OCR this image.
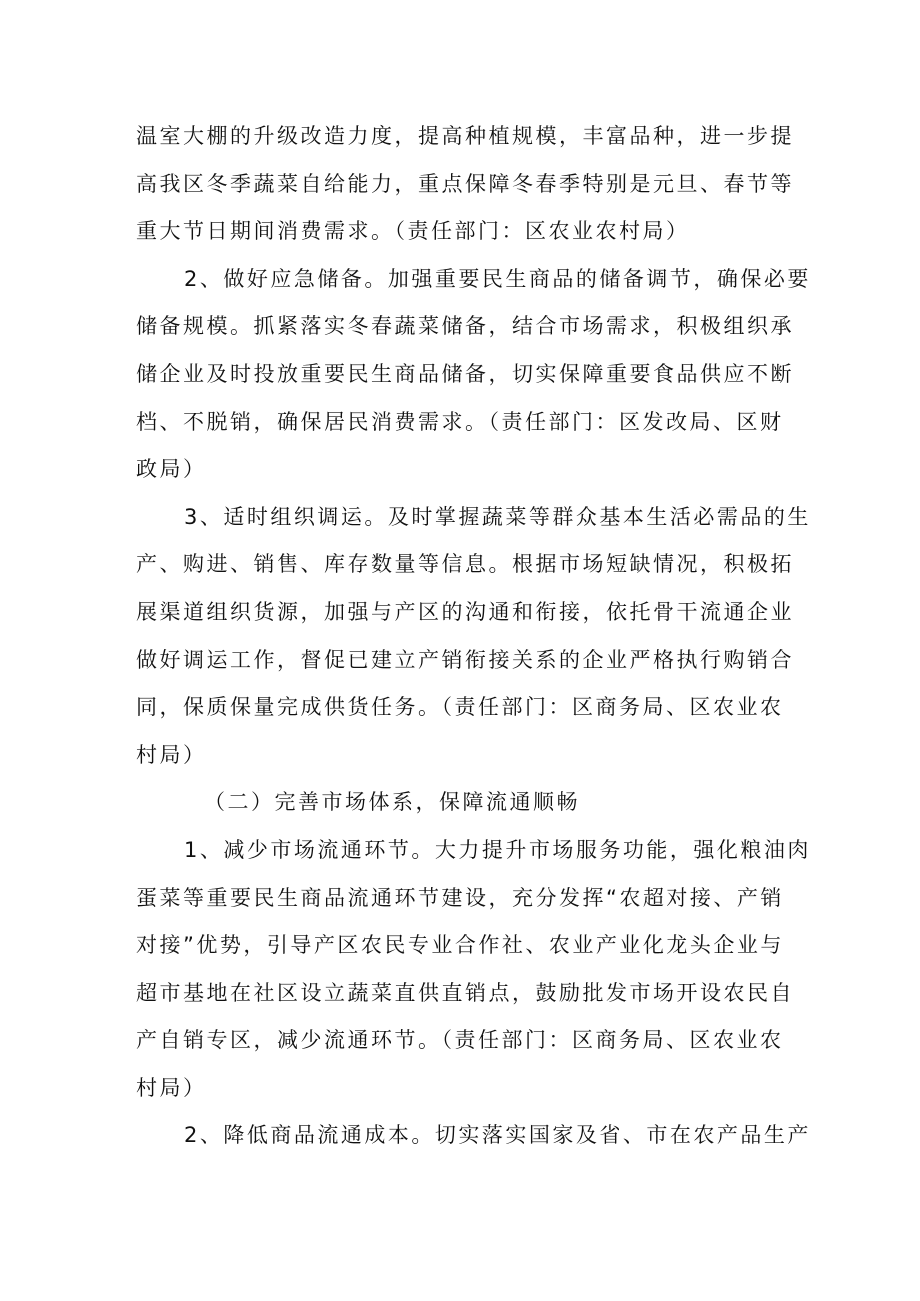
温室大棚的升级改造力度，提高种植规模，丰富品种，进一步提
高我区冬季蔬菜自给能力，重点保障冬春季特别是元旦、春节等
重大节日期间消费需求。（责任部门：区农业农村局）
2、做好应急储备。加强重要民生商品的储备调节，确保必要
储备规模。抓紧落实冬春蔬菜储备，结合市场需求，积极组织承
储企业及时投放重要民生商品储备，切实保障重要食品供应不断
档、不脱销，确保居民消费需求。（责任部门：区发改局、区财
政局）
3、适时组织调运。及时掌握蔬菜等群众基本生活必需品的生
产、购进、销售、库存数量等信息。根据市场短缺情况，积极拓
展渠道组织货源，加强与产区的沟通和衔接，依托骨干流通企业
做好调运工作，督促已建立产销衔接关系的企业严格执行购销合
同，保质保量完成供货任务。（责任部门：区商务局、区农业农
村局）
（二）完善市场体系，保障流通顺畅
1、减少市场流通环节。大力提升市场服务功能，强化粮油肉
蛋菜等重要民生商品流通环节建设，充分发挥“农超对接、产销
对接”优势，引导产区农民专业合作社、农业产业化龙头企业与
超市基地在社区设立蔬菜直供直销点，鼓励批发市场开设农民自
产自销专区，减少流通环节。（责任部门：区商务局、区农业农
村局）
2、降低商品流通成本。切实落实国家及省、市在农产品生产
